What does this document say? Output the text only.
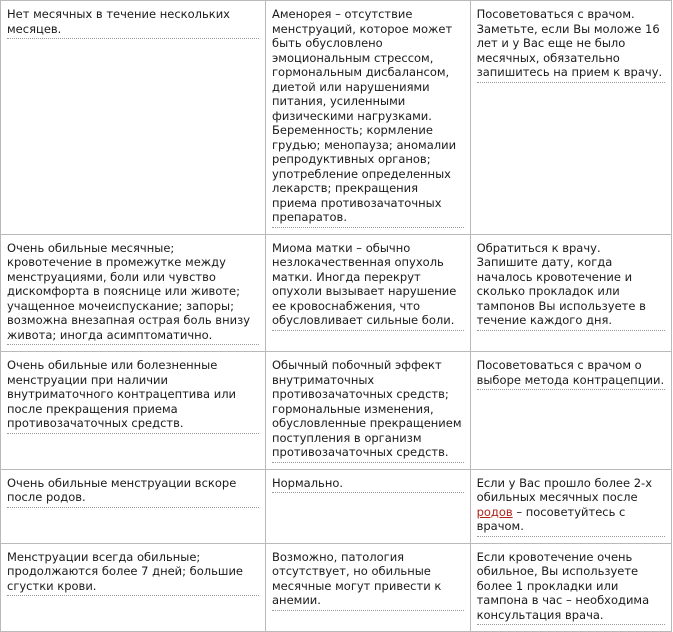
Нет месячных в течение нескольких месяцев.	Аменорея – отсутствие менструаций, которое может быть обусловлено эмоциональным стрессом, гормональным дисбалансом, диетой или нарушениями питания, усиленными физическими нагрузками. Беременность; кормление грудью; менопауза; аномалии репродуктивных органов; употребление определенных лекарств; прекращения приема противозачаточных препаратов.	Посоветоваться с врачом. Заметьте, если Вы моложе 16 лет и у Вас еще не было месячных, обязательно запишитесь на прием к врачу.

Очень обильные месячные; кровотечение в промежутке между менструациями, боли или чувство дискомфорта в пояснице или животе; учащенное мочеиспускание; запоры; возможна внезапная острая боль внизу живота; иногда асимптоматично.	Миома матки – обычно незлокачественная опухоль матки. Иногда перекрут опухоли вызывает нарушение ее кровоснабжения, что обусловливает сильные боли.	Обратиться к врачу. Запишите дату, когда началось кровотечение и сколько прокладок или тампонов Вы используете в течение каждого дня.

Очень обильные или болезненные менструации при наличии внутриматочного контрацептива или после прекращения приема противозачаточных средств.	Обычный побочный эффект внутриматочных противозачаточных средств; гормональные изменения, обусловленные прекращением поступления в организм противозачаточных средств.	Посоветоваться с врачом о выборе метода контрацепции.

Очень обильные менструации вскоре после родов.	Нормально.	Если у Вас прошло более 2-х обильных месячных после родов – посоветуйтесь с врачом.

Менструации всегда обильные; продолжаются более 7 дней; большие сгустки крови.	Возможно, патология отсутствует, но обильные месячные могут привести к анемии.	Если кровотечение очень обильное, Вы используете более 1 прокладки или тампона в час – необходима консультация врача.
